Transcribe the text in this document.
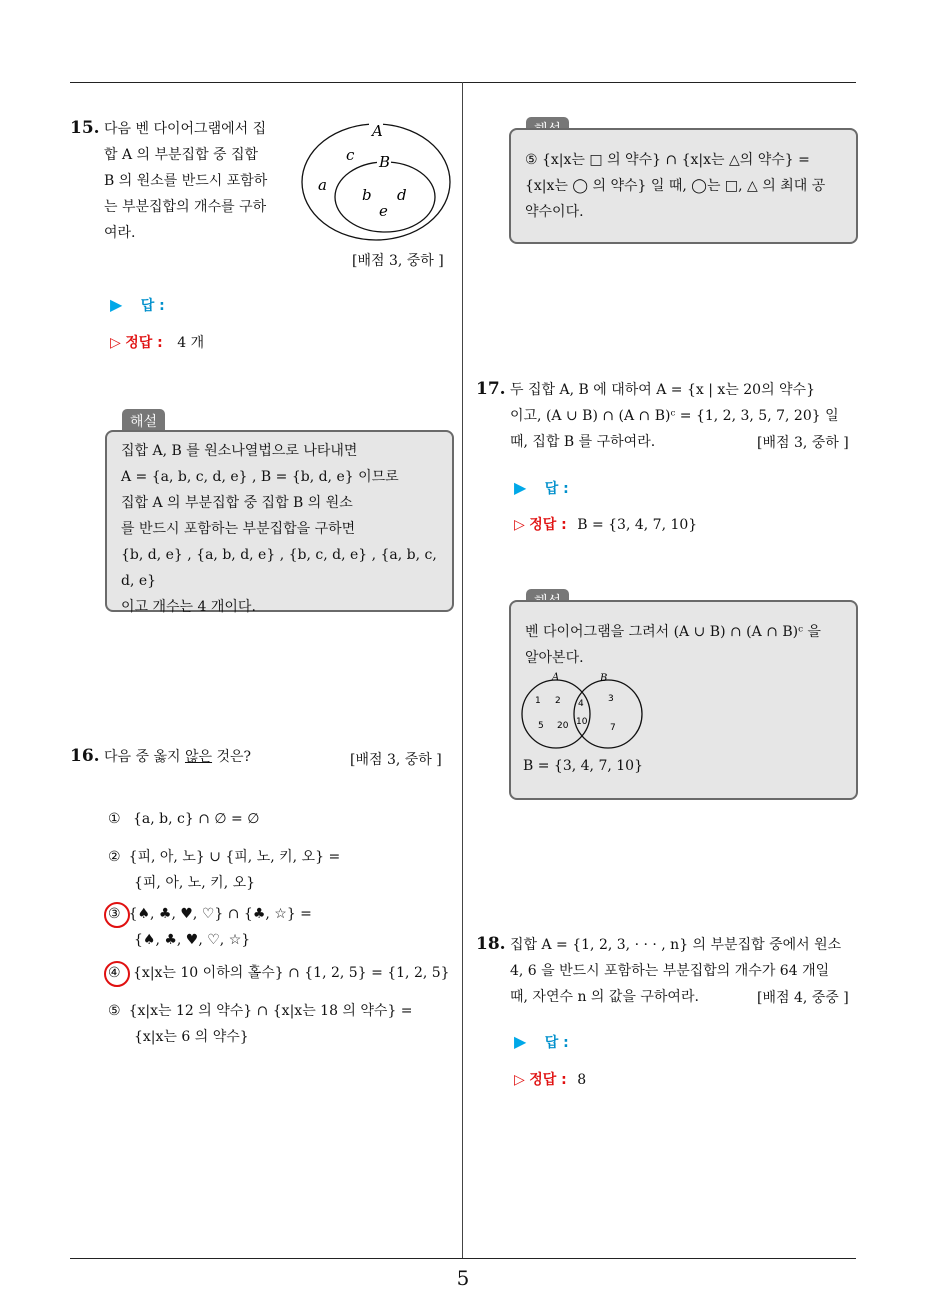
5
15. 다음 벤 다이어그램에서 집
합 A 의 부분집합 중 집합
B 의 원소를 반드시 포함하
는 부분집합의 개수를 구하
여라.
A
B
c
a
b d
e
[배점 3, 중하 ]
▶ 답 :
▷ 정답 : 4 개
해설
집합 A, B 를 원소나열법으로 나타내면
A = {a, b, c, d, e} , B = {b, d, e} 이므로
집합 A 의 부분집합 중 집합 B 의 원소
를 반드시 포함하는 부분집합을 구하면
{b, d, e} , {a, b, d, e} , {b, c, d, e} , {a, b, c, d, e}
이고 개수는 4 개이다.
16. 다음 중 옳지 않은 것은?	[배점 3, 중하 ]
① {a, b, c} ∩ ∅ = ∅
② {피, 아, 노} ∪ {피, 노, 키, 오} =
{피, 아, 노, 키, 오}
③ {♠, ♣, ♥, ♡} ∩ {♣, ☆} =
{♠, ♣, ♥, ♡, ☆}
④ {x|x는 10 이하의 홀수} ∩ {1, 2, 5} = {1, 2, 5}
⑤ {x|x는 12 의 약수} ∩ {x|x는 18 의 약수} =
{x|x는 6 의 약수}
⑤ {x|x는 □ 의 약수} ∩ {x|x는 △의 약수} =
{x|x는 ◯ 의 약수} 일 때, ◯는 □, △ 의 최대 공
약수이다.
17. 두 집합 A, B 에 대하여 A = {x | x는 20의 약수}
이고, (A ∪ B) ∩ (A ∩ B)ᶜ = {1, 2, 3, 5, 7, 20} 일
때, 집합 B 를 구하여라.	[배점 3, 중하 ]
▶ 답 :
▷ 정답 : B = {3, 4, 7, 10}
벤 다이어그램을 그려서 (A ∪ B) ∩ (A ∩ B)ᶜ 을
알아본다.
A	B
1 2
5 20
4
10
3
7
B = {3, 4, 7, 10}
18. 집합 A = {1, 2, 3, · · · , n} 의 부분집합 중에서 원소
4, 6 을 반드시 포함하는 부분집합의 개수가 64 개일
때, 자연수 n 의 값을 구하여라.	[배점 4, 중중 ]
▶ 답 :
▷ 정답 : 8
